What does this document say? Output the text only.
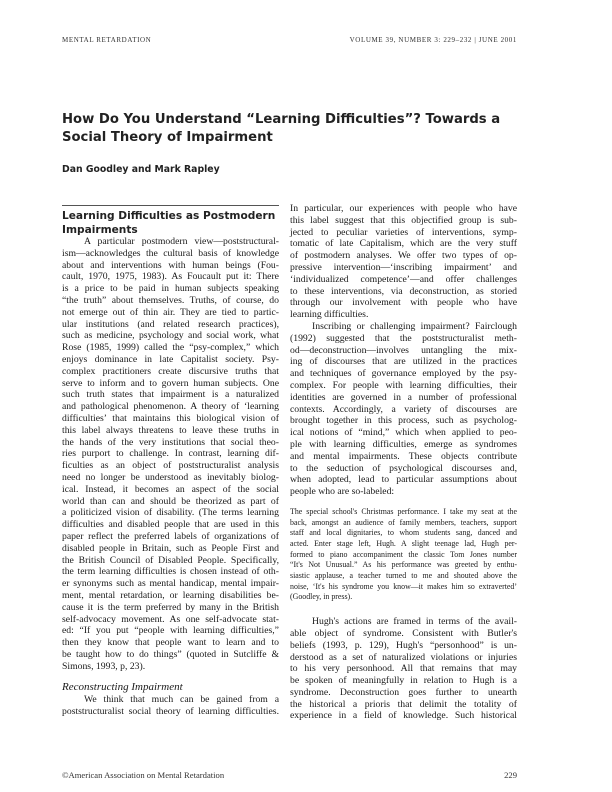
MENTAL RETARDATION	VOLUME 39, NUMBER 3: 229–232 | JUNE 2001
How Do You Understand “Learning Difficulties”? Towards a
Social Theory of Impairment
Dan Goodley and Mark Rapley
Learning Difficulties as Postmodern
Impairments
A particular postmodern view—poststructural-
ism—acknowledges the cultural basis of knowledge
about and interventions with human beings (Fou-
cault, 1970, 1975, 1983). As Foucault put it: There
is a price to be paid in human subjects speaking
“the truth” about themselves. Truths, of course, do
not emerge out of thin air. They are tied to partic-
ular institutions (and related research practices),
such as medicine, psychology and social work, what
Rose (1985, 1999) called the “psy-complex,” which
enjoys dominance in late Capitalist society. Psy-
complex practitioners create discursive truths that
serve to inform and to govern human subjects. One
such truth states that impairment is a naturalized
and pathological phenomenon. A theory of ‘learning
difficulties’ that maintains this biological vision of
this label always threatens to leave these truths in
the hands of the very institutions that social theo-
ries purport to challenge. In contrast, learning dif-
ficulties as an object of poststructuralist analysis
need no longer be understood as inevitably biolog-
ical. Instead, it becomes an aspect of the social
world than can and should be theorized as part of
a politicized vision of disability. (The terms learning
difficulties and disabled people that are used in this
paper reflect the preferred labels of organizations of
disabled people in Britain, such as People First and
the British Council of Disabled People. Specifically,
the term learning difficulties is chosen instead of oth-
er synonyms such as mental handicap, mental impair-
ment, mental retardation, or learning disabilities be-
cause it is the term preferred by many in the British
self-advocacy movement. As one self-advocate stat-
ed: “If you put “people with learning difficulties,”
then they know that people want to learn and to
be taught how to do things” (quoted in Sutcliffe &
Simons, 1993, p, 23).
Reconstructing Impairment
We think that much can be gained from a
poststructuralist social theory of learning difficulties.
In particular, our experiences with people who have
this label suggest that this objectified group is sub-
jected to peculiar varieties of interventions, symp-
tomatic of late Capitalism, which are the very stuff
of postmodern analyses. We offer two types of op-
pressive intervention—‘inscribing impairment’ and
‘individualized competence’—and offer challenges
to these interventions, via deconstruction, as storied
through our involvement with people who have
learning difficulties.
Inscribing or challenging impairment? Fairclough
(1992) suggested that the poststructuralist meth-
od—deconstruction—involves untangling the mix-
ing of discourses that are utilized in the practices
and techniques of governance employed by the psy-
complex. For people with learning difficulties, their
identities are governed in a number of professional
contexts. Accordingly, a variety of discourses are
brought together in this process, such as psycholog-
ical notions of “mind,” which when applied to peo-
ple with learning difficulties, emerge as syndromes
and mental impairments. These objects contribute
to the seduction of psychological discourses and,
when adopted, lead to particular assumptions about
people who are so-labeled:
The special school's Christmas performance. I take my seat at the
back, amongst an audience of family members, teachers, support
staff and local dignitaries, to whom students sang, danced and
acted. Enter stage left, Hugh. A slight teenage lad, Hugh per-
formed to piano accompaniment the classic Tom Jones number
“It's Not Unusual.” As his performance was greeted by enthu-
siastic applause, a teacher turned to me and shouted above the
noise, ‘It's his syndrome you know—it makes him so extraverted’
(Goodley, in press).
Hugh's actions are framed in terms of the avail-
able object of syndrome. Consistent with Butler's
beliefs (1993, p. 129), Hugh's “personhood” is un-
derstood as a set of naturalized violations or injuries
to his very personhood. All that remains that may
be spoken of meaningfully in relation to Hugh is a
syndrome. Deconstruction goes further to unearth
the historical a prioris that delimit the totality of
experience in a field of knowledge. Such historical
©American Association on Mental Retardation	229
